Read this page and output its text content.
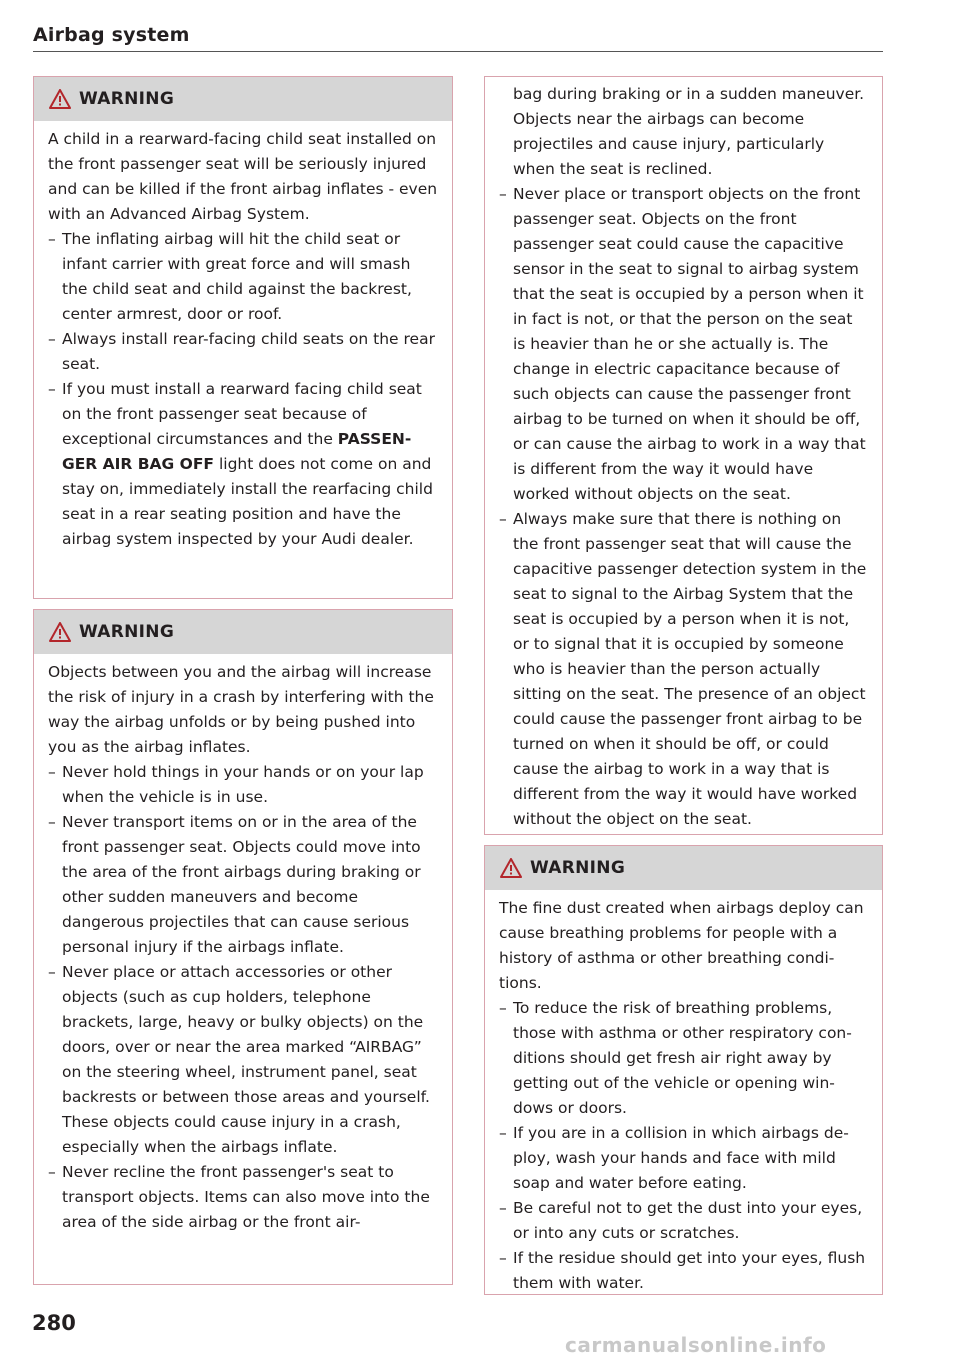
Airbag system
WARNING

A child in a rearward-facing child seat installed on the front passenger seat will be seriously injured and can be killed if the front airbag inflates - even with an Advanced Airbag System.

– The inflating airbag will hit the child seat or infant carrier with great force and will smash the child seat and child against the backrest, center armrest, door or roof.
– Always install rear-facing child seats on the rear seat.
– If you must install a rearward facing child seat on the front passenger seat because of exceptional circumstances and the PASSENGER AIR BAG OFF light does not come on and stay on, immediately install the rearfacing child seat in a rear seating position and have the airbag system inspected by your Audi dealer.
WARNING

Objects between you and the airbag will increase the risk of injury in a crash by interfering with the way the airbag unfolds or by being pushed into you as the airbag inflates.

– Never hold things in your hands or on your lap when the vehicle is in use.
– Never transport items on or in the area of the front passenger seat. Objects could move into the area of the front airbags during braking or other sudden maneuvers and become dangerous projectiles that can cause serious personal injury if the airbags inflate.
– Never place or attach accessories or other objects (such as cup holders, telephone brackets, large, heavy or bulky objects) on the doors, over or near the area marked “AIRBAG” on the steering wheel, instrument panel, seat backrests or between those areas and yourself. These objects could cause injury in a crash, especially when the airbags inflate.
– Never recline the front passenger's seat to transport objects. Items can also move into the area of the side airbag or the front air-

bag during braking or in a sudden maneuver. Objects near the airbags can become projectiles and cause injury, particularly when the seat is reclined.

– Never place or transport objects on the front passenger seat. Objects on the front passenger seat could cause the capacitive sensor in the seat to signal to airbag system that the seat is occupied by a person when it in fact is not, or that the person on the seat is heavier than he or she actually is. The change in electric capacitance because of such objects can cause the passenger front airbag to be turned on when it should be off, or can cause the airbag to work in a way that is different from the way it would have worked without objects on the seat.
– Always make sure that there is nothing on the front passenger seat that will cause the capacitive passenger detection system in the seat to signal to the Airbag System that the seat is occupied by a person when it is not, or to signal that it is occupied by someone who is heavier than the person actually sitting on the seat. The presence of an object could cause the passenger front airbag to be turned on when it should be off, or could cause the airbag to work in a way that is different from the way it would have worked without the object on the seat.
WARNING

The fine dust created when airbags deploy can cause breathing problems for people with a history of asthma or other breathing conditions.

– To reduce the risk of breathing problems, those with asthma or other respiratory conditions should get fresh air right away by getting out of the vehicle or opening windows or doors.
– If you are in a collision in which airbags deploy, wash your hands and face with mild soap and water before eating.
– Be careful not to get the dust into your eyes, or into any cuts or scratches.
– If the residue should get into your eyes, flush them with water.
280
carmanualsonline.info
